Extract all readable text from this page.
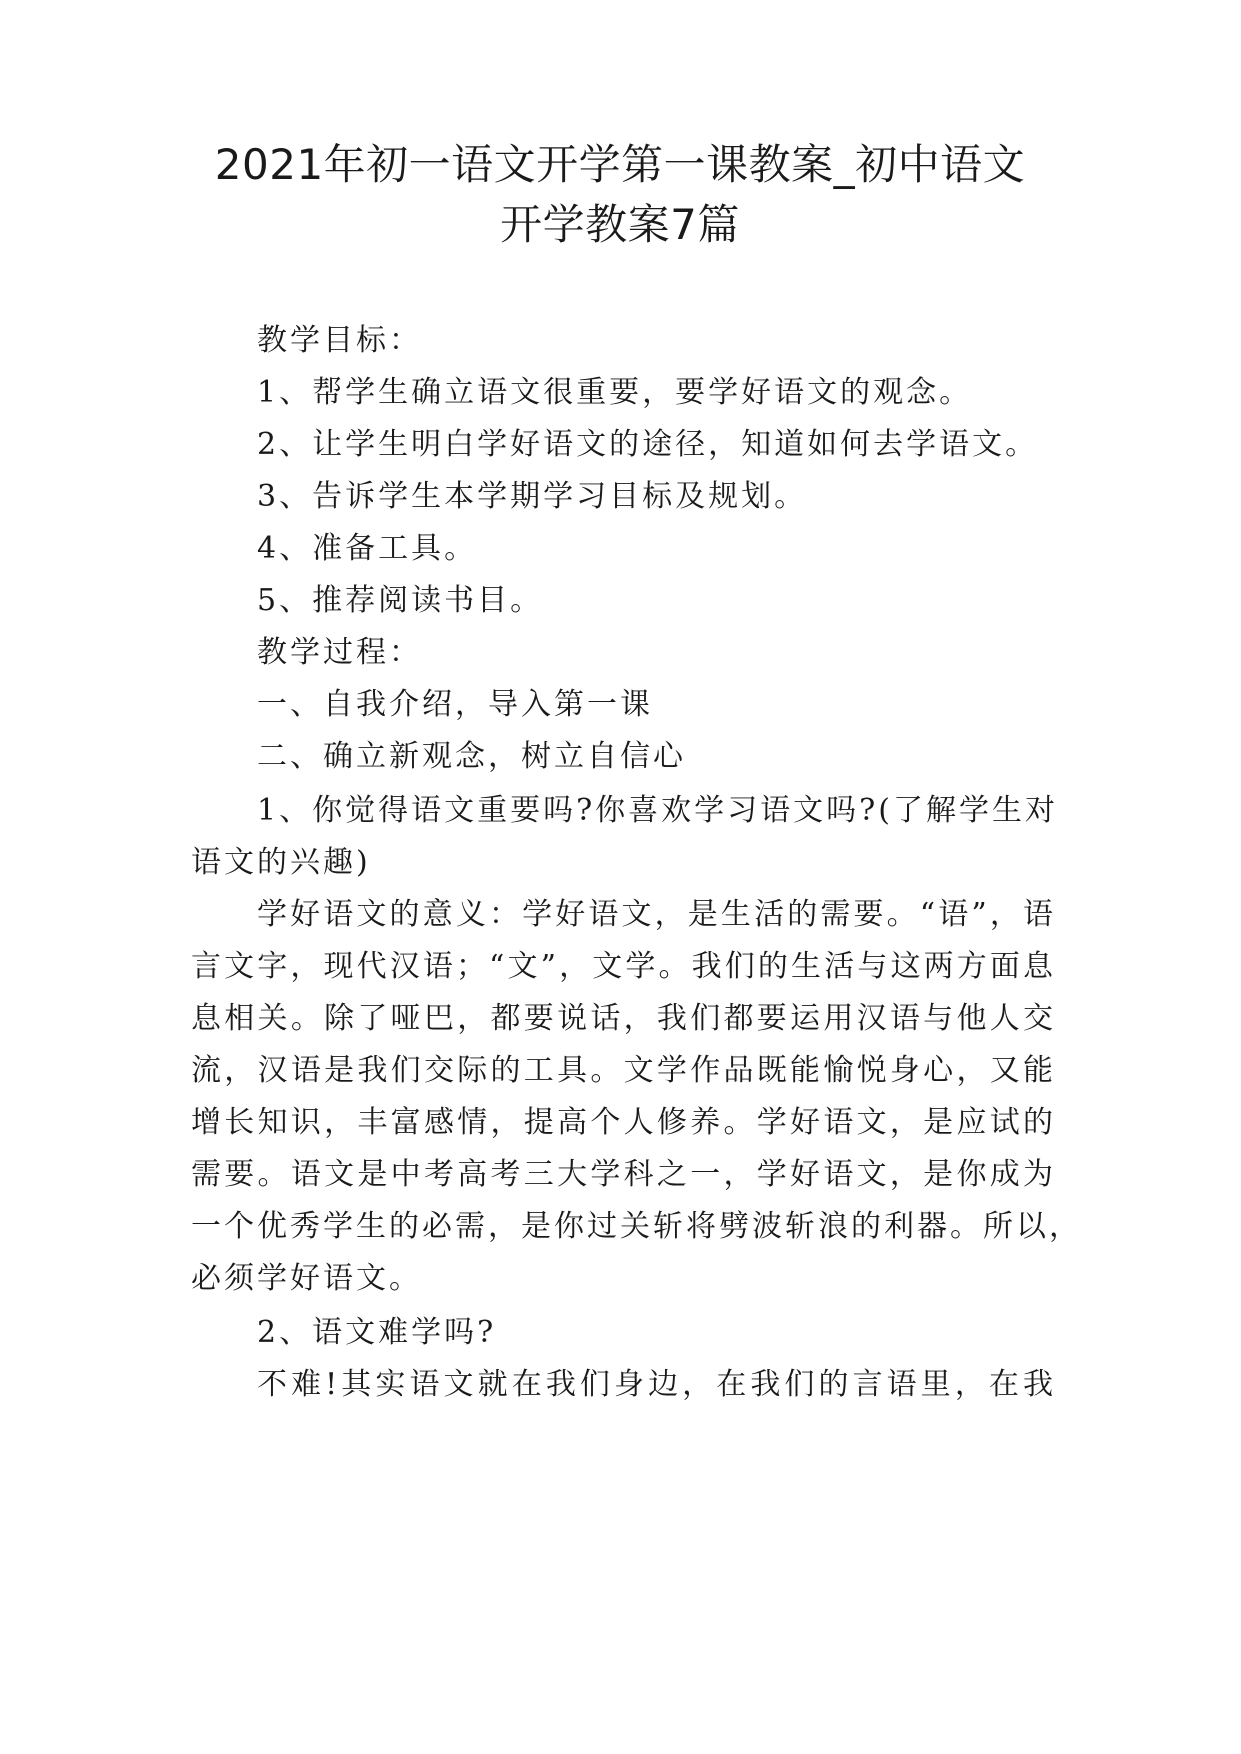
2021年初一语文开学第一课教案_初中语文
开学教案7篇
教学目标：
1、帮学生确立语文很重要，要学好语文的观念。
2、让学生明白学好语文的途径，知道如何去学语文。
3、告诉学生本学期学习目标及规划。
4、准备工具。
5、推荐阅读书目。
教学过程：
一、自我介绍，导入第一课
二、确立新观念，树立自信心
1、你觉得语文重要吗?你喜欢学习语文吗?(了解学生对
语文的兴趣)
学好语文的意义：学好语文，是生活的需要。“语”，语
言文字，现代汉语；“文”，文学。我们的生活与这两方面息
息相关。除了哑巴，都要说话，我们都要运用汉语与他人交
流，汉语是我们交际的工具。文学作品既能愉悦身心，又能
增长知识，丰富感情，提高个人修养。学好语文，是应试的
需要。语文是中考高考三大学科之一，学好语文，是你成为
一个优秀学生的必需，是你过关斩将劈波斩浪的利器。所以，
必须学好语文。
2、语文难学吗?
不难!其实语文就在我们身边，在我们的言语里，在我
